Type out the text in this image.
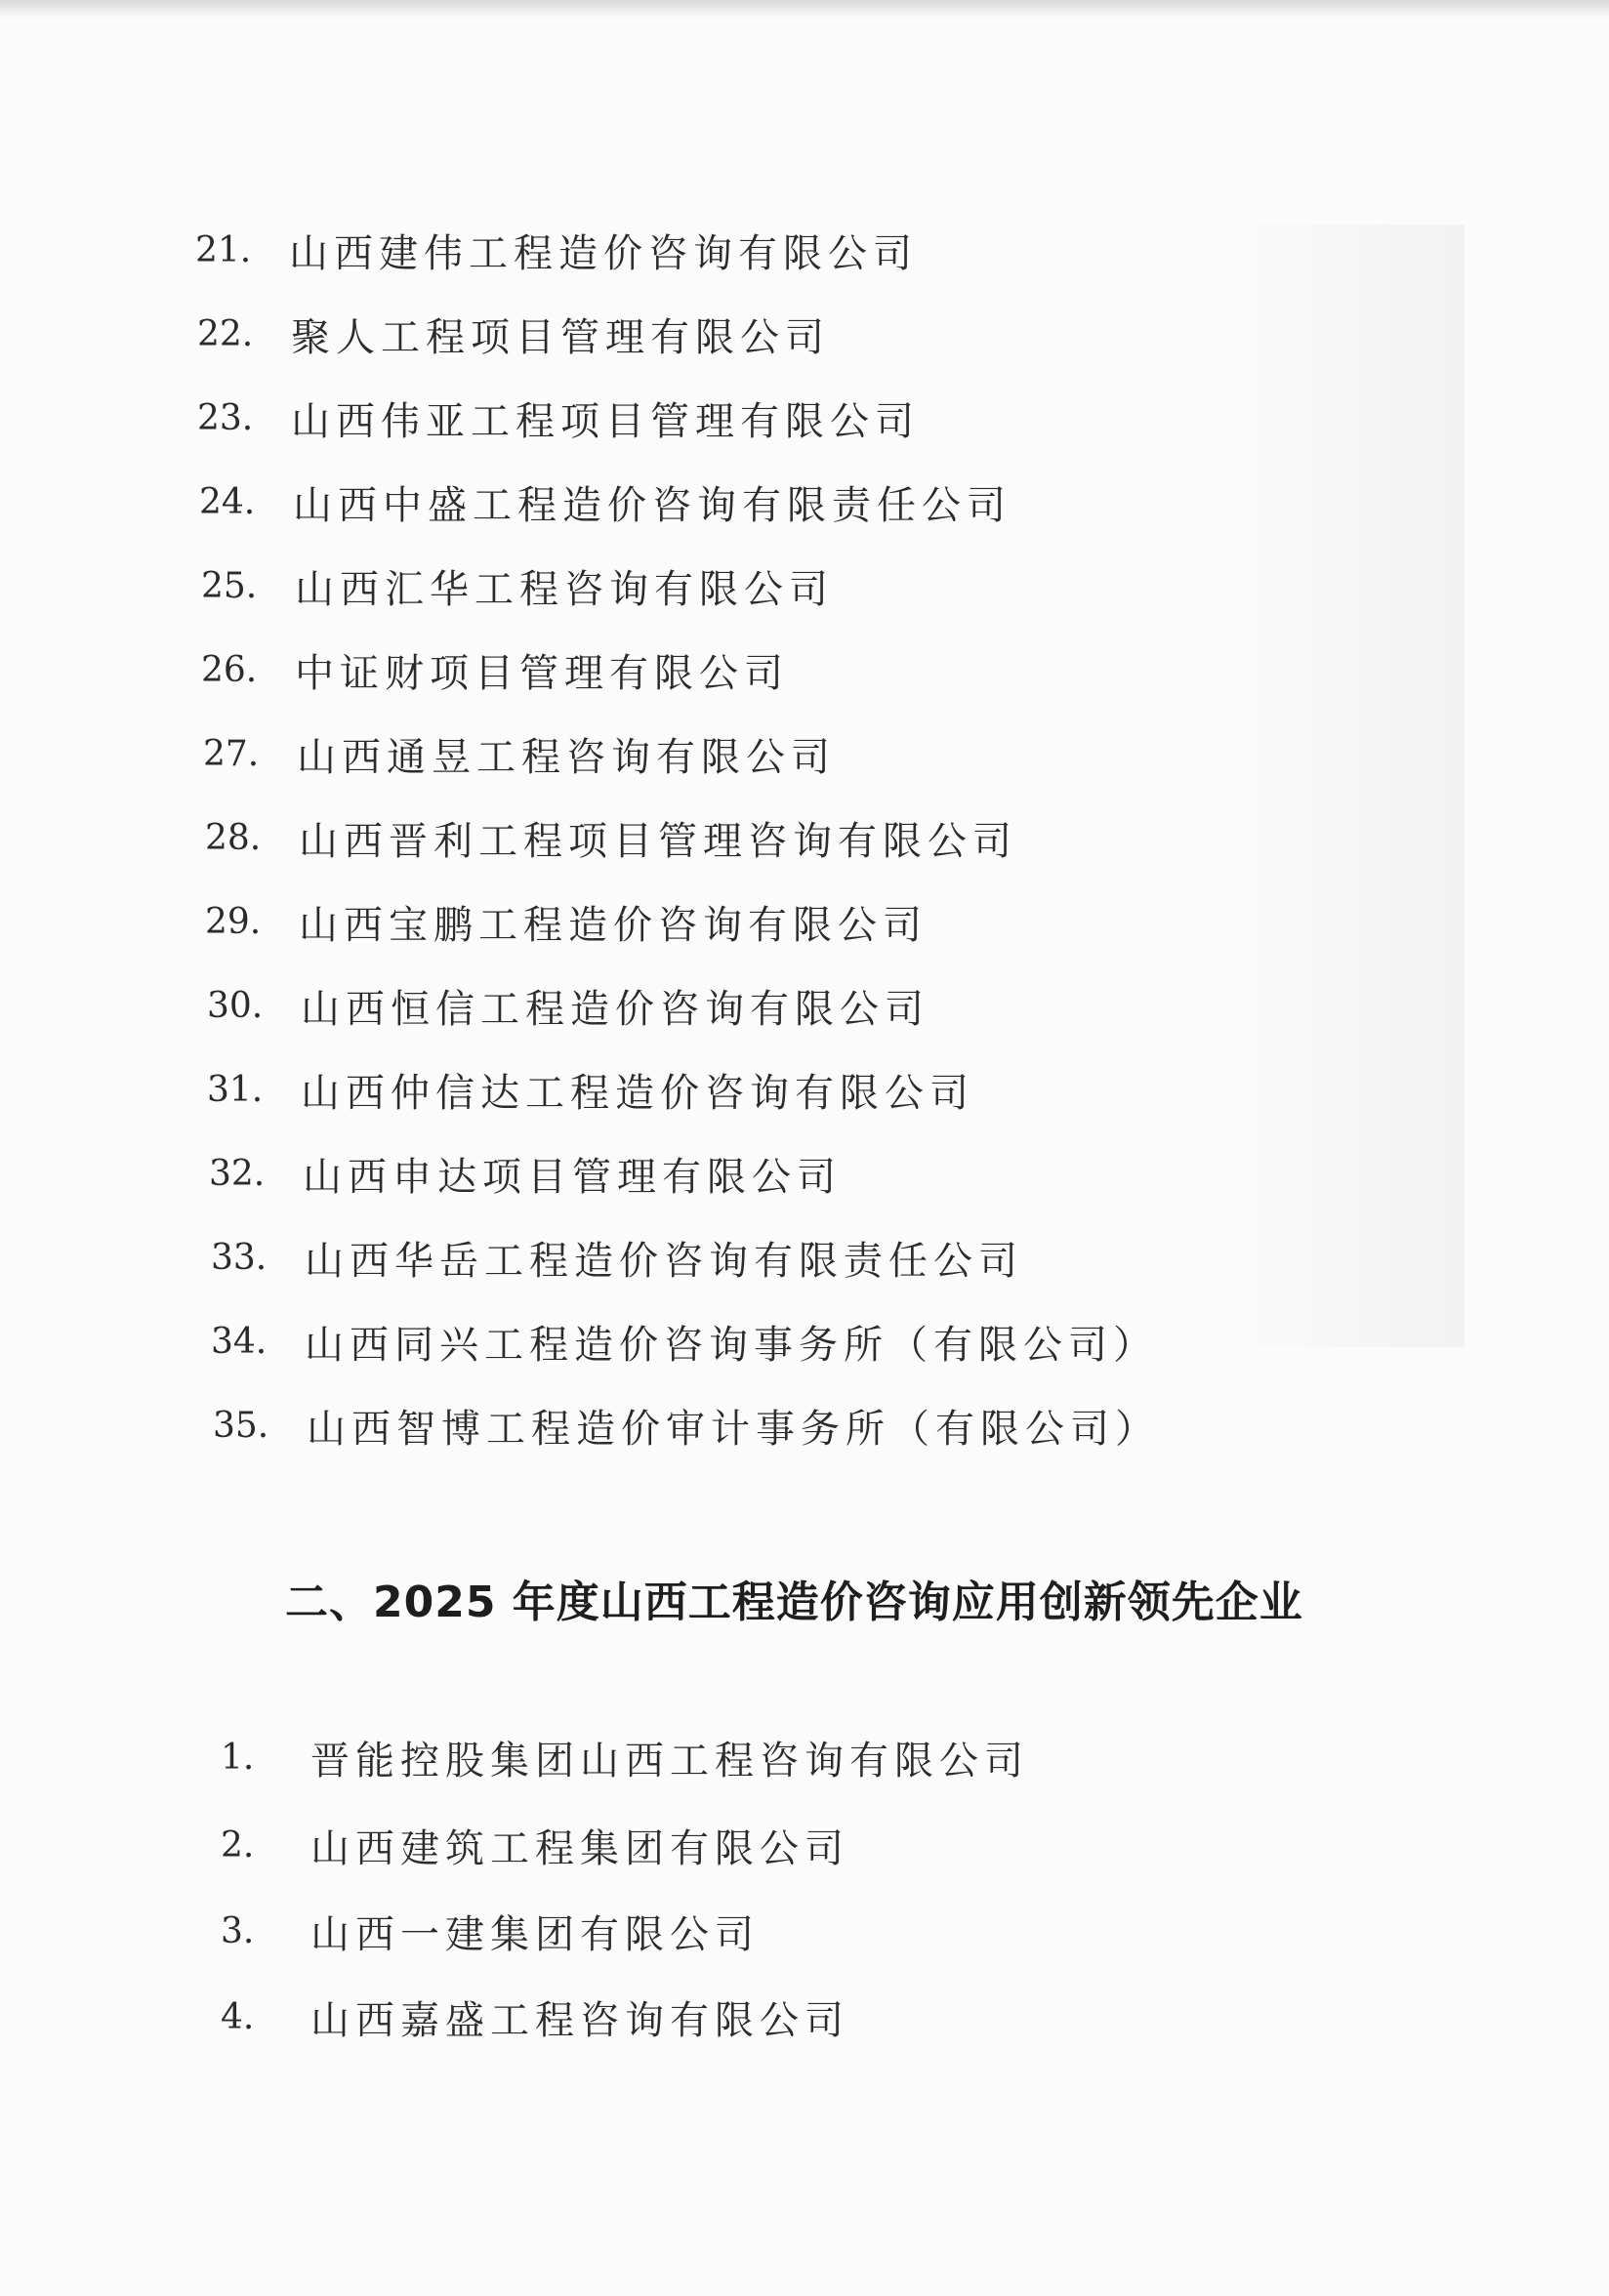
21. 山西建伟工程造价咨询有限公司
22. 聚人工程项目管理有限公司
23. 山西伟亚工程项目管理有限公司
24. 山西中盛工程造价咨询有限责任公司
25. 山西汇华工程咨询有限公司
26. 中证财项目管理有限公司
27. 山西通昱工程咨询有限公司
28. 山西晋利工程项目管理咨询有限公司
29. 山西宝鹏工程造价咨询有限公司
30. 山西恒信工程造价咨询有限公司
31. 山西仲信达工程造价咨询有限公司
32. 山西申达项目管理有限公司
33. 山西华岳工程造价咨询有限责任公司
34. 山西同兴工程造价咨询事务所（有限公司）
35. 山西智博工程造价审计事务所（有限公司）
二、2025 年度山西工程造价咨询应用创新领先企业
1.	晋能控股集团山西工程咨询有限公司
2.	山西建筑工程集团有限公司
3.	山西一建集团有限公司
4.	山西嘉盛工程咨询有限公司
